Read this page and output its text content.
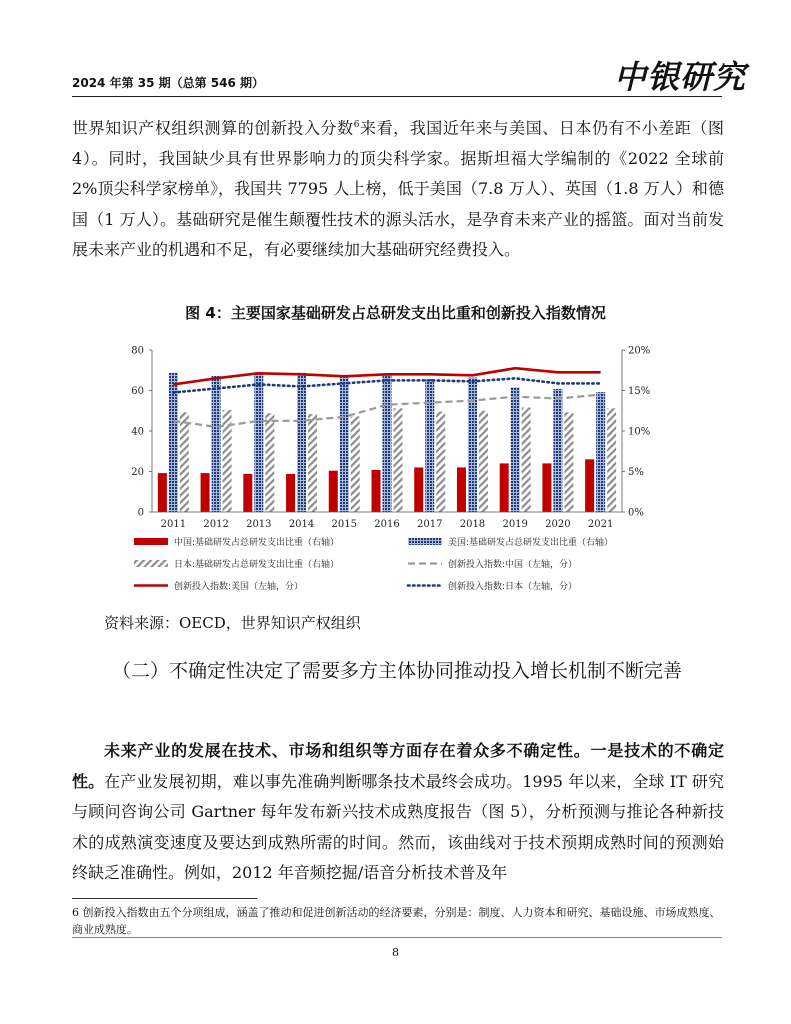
2024 年第 35 期（总第 546 期）	中银研究

世界知识产权组织测算的创新投入分数$^6$来看，我国近年来与美国、日本仍有不小差距（图 4）。同时，我国缺少具有世界影响力的顶尖科学家。据斯坦福大学编制的《2022 全球前 2%顶尖科学家榜单》，我国共 7795 人上榜，低于美国（7.8 万人）、英国（1.8 万人）和德国（1 万人）。基础研究是催生颠覆性技术的源头活水，是孕育未来产业的摇篮。面对当前发展未来产业的机遇和不足，有必要继续加大基础研究经费投入。

图 4：主要国家基础研发占总研发支出比重和创新投入指数情况
0
20
40
60
80
0%
5%
10%
15%
20%
2011 2012 2013 2014 2015 2016 2017 2018 2019 2020 2021
中国:基础研发占总研发支出比重（右轴）	美国:基础研发占总研发支出比重（右轴）
日本:基础研发占总研发支出比重（右轴）	创新投入指数:中国（左轴，分）
创新投入指数:美国（左轴，分）	创新投入指数:日本（左轴，分）
资料来源：OECD，世界知识产权组织

（二）不确定性决定了需要多方主体协同推动投入增长机制不断完善

未来产业的发展在技术、市场和组织等方面存在着众多不确定性。一是技术的不确定性。在产业发展初期，难以事先准确判断哪条技术最终会成功。1995 年以来，全球 IT 研究与顾问咨询公司 Gartner 每年发布新兴技术成熟度报告（图 5），分析预测与推论各种新技术的成熟演变速度及要达到成熟所需的时间。然而，该曲线对于技术预期成熟时间的预测始终缺乏准确性。例如，2012 年音频挖掘/语音分析技术普及年

6 创新投入指数由五个分项组成，涵盖了推动和促进创新活动的经济要素，分别是：制度、人力资本和研究、基础设施、市场成熟度、商业成熟度。

8
